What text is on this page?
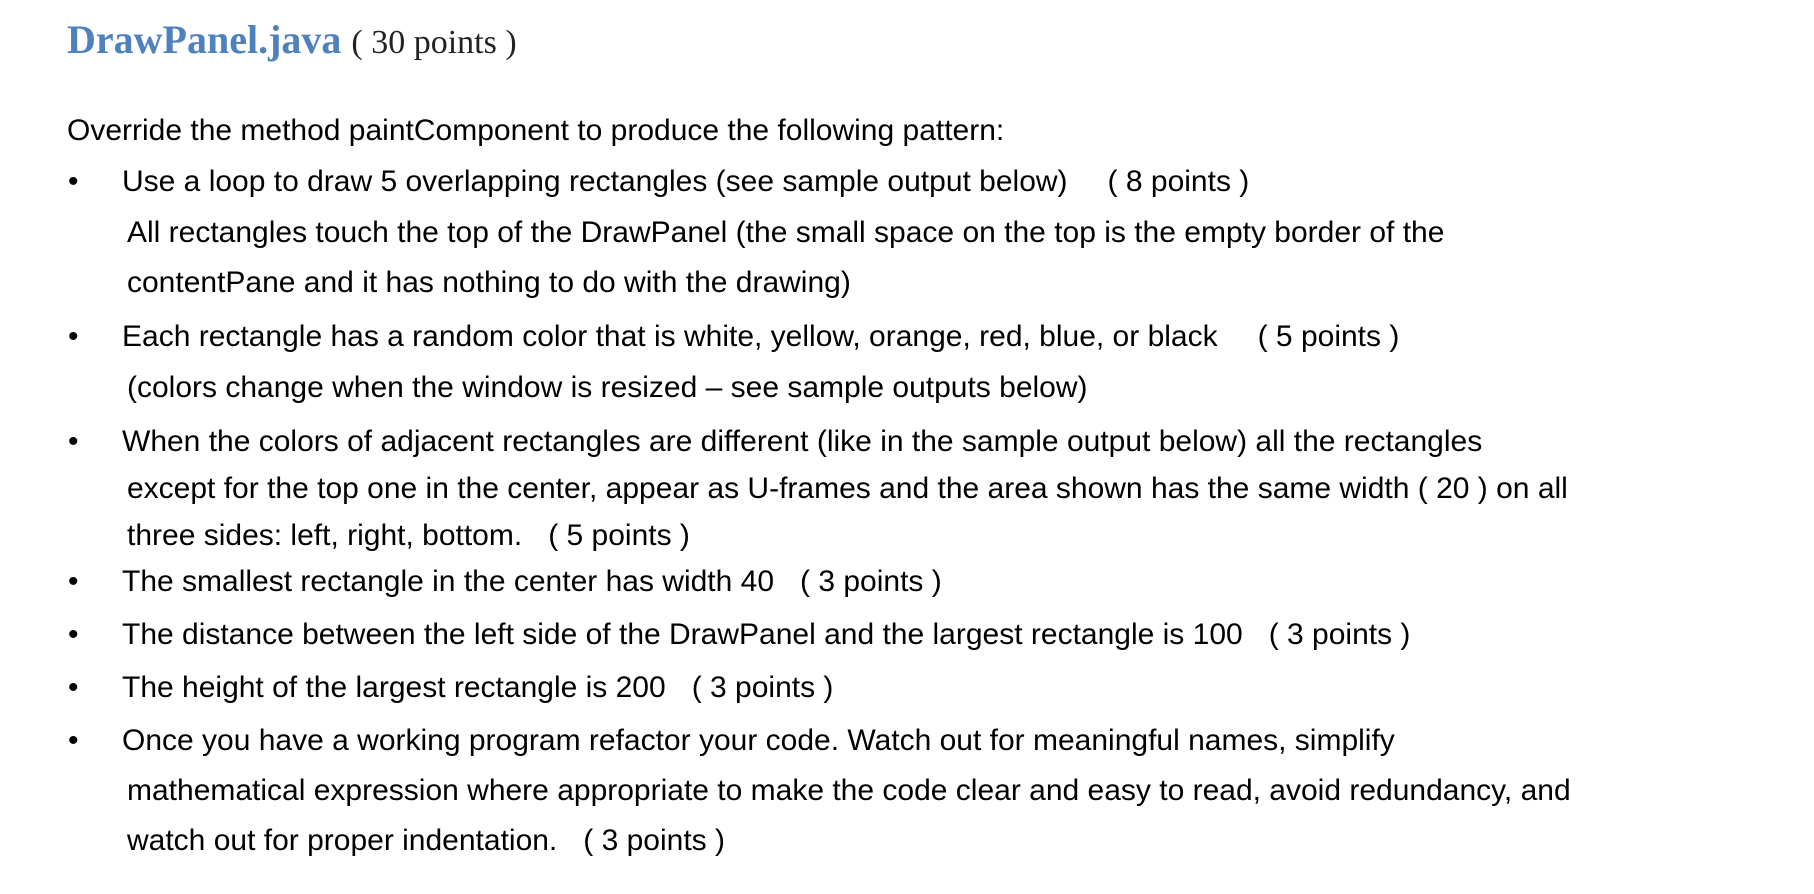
DrawPanel.java ( 30 points )
Override the method paintComponent to produce the following pattern:
• Use a loop to draw 5 overlapping rectangles (see sample output below) ( 8 points )
All rectangles touch the top of the DrawPanel (the small space on the top is the empty border of the
contentPane and it has nothing to do with the drawing)
• Each rectangle has a random color that is white, yellow, orange, red, blue, or black ( 5 points )
(colors change when the window is resized – see sample outputs below)
• When the colors of adjacent rectangles are different (like in the sample output below) all the rectangles
except for the top one in the center, appear as U-frames and the area shown has the same width ( 20 ) on all
three sides: left, right, bottom. ( 5 points )
• The smallest rectangle in the center has width 40 ( 3 points )
• The distance between the left side of the DrawPanel and the largest rectangle is 100 ( 3 points )
• The height of the largest rectangle is 200 ( 3 points )
• Once you have a working program refactor your code. Watch out for meaningful names, simplify
mathematical expression where appropriate to make the code clear and easy to read, avoid redundancy, and
watch out for proper indentation. ( 3 points )
